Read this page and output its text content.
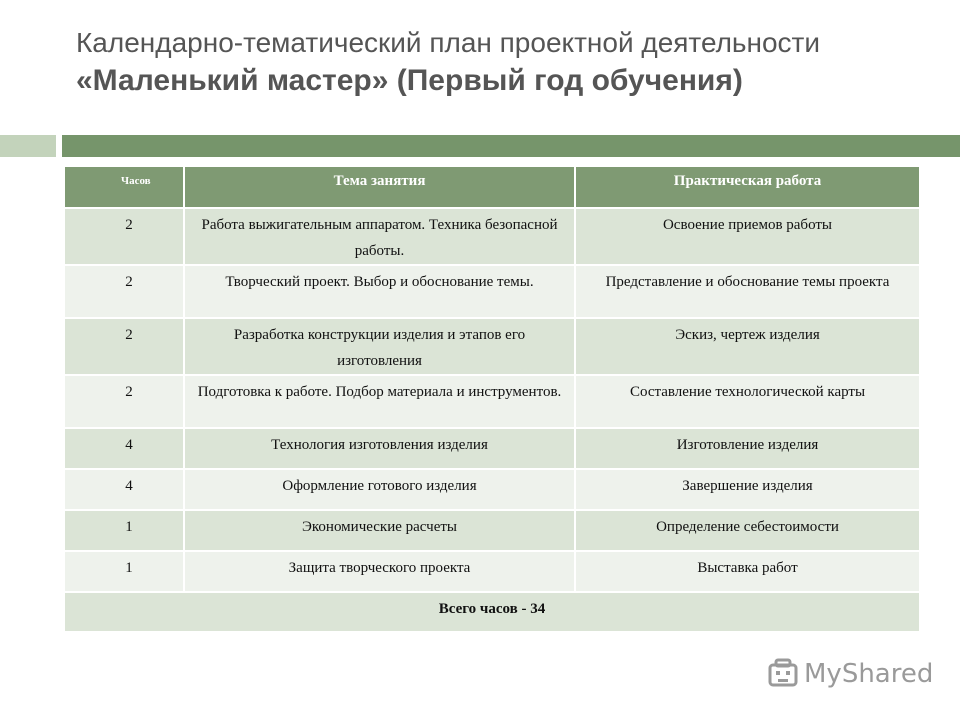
Календарно-тематический план проектной деятельности
«Маленький мастер» (Первый год обучения)
Часов	Тема занятия	Практическая работа
2	Работа выжигательным аппаратом. Техника безопасной работы.	Освоение приемов работы
2	Творческий проект. Выбор и обоснование темы.	Представление и обоснование темы проекта
2	Разработка конструкции изделия и этапов его изготовления	Эскиз, чертеж изделия
2	Подготовка к работе. Подбор материала и инструментов.	Составление технологической карты
4	Технология изготовления изделия	Изготовление изделия
4	Оформление готового изделия	Завершение изделия
1	Экономические расчеты	Определение себестоимости
1	Защита творческого проекта	Выставка работ
Всего часов - 34		
MyShared
